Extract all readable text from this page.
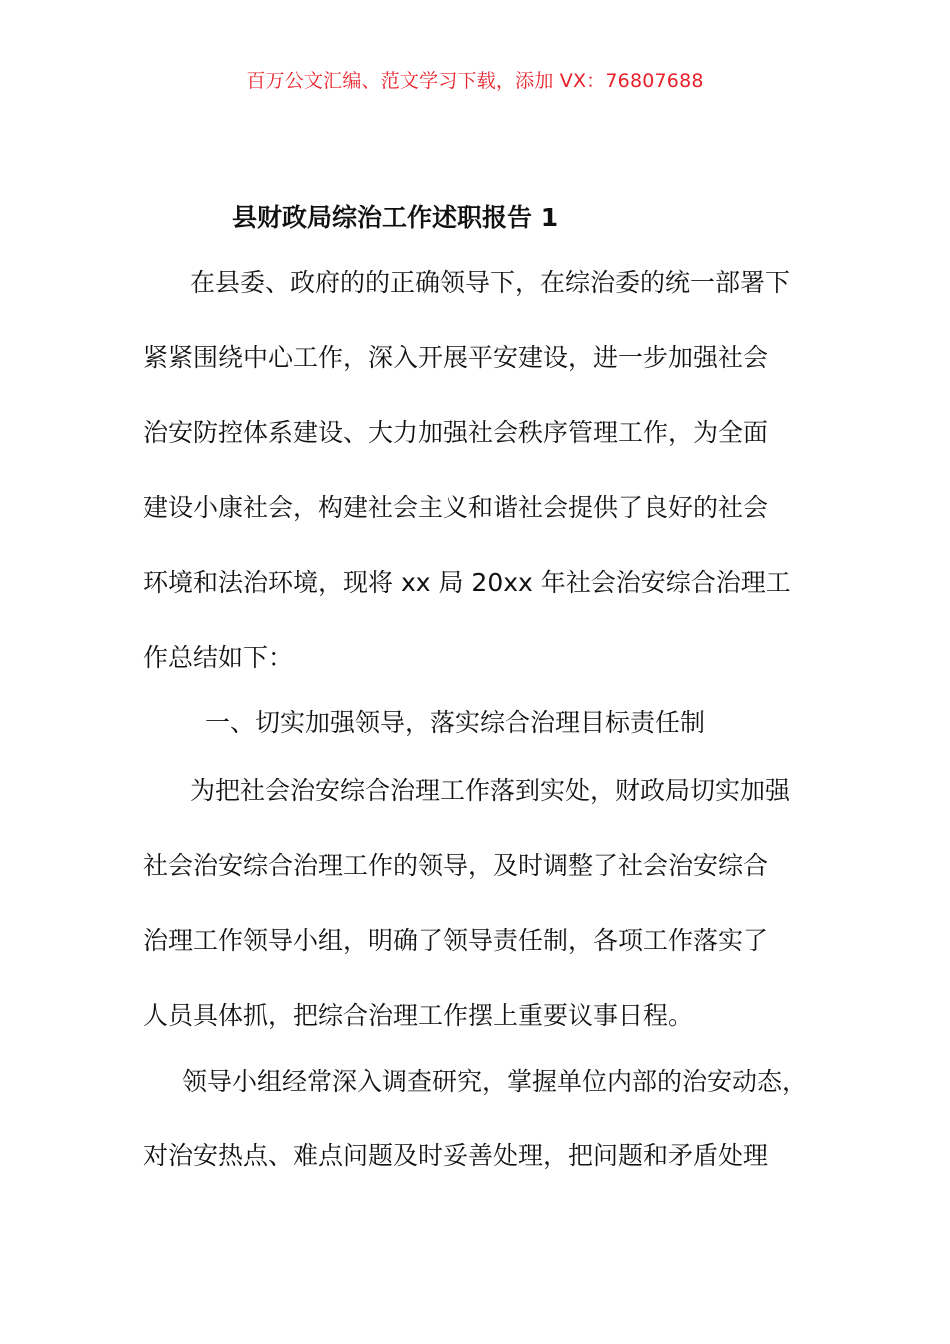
百万公文汇编、范文学习下载，添加 VX：76807688
县财政局综治工作述职报告 1
在县委、政府的的正确领导下，在综治委的统一部署下
紧紧围绕中心工作，深入开展平安建设，进一步加强社会
治安防控体系建设、大力加强社会秩序管理工作，为全面
建设小康社会，构建社会主义和谐社会提供了良好的社会
环境和法治环境，现将 xx 局 20xx 年社会治安综合治理工
作总结如下：
一、切实加强领导，落实综合治理目标责任制
为把社会治安综合治理工作落到实处，财政局切实加强
社会治安综合治理工作的领导，及时调整了社会治安综合
治理工作领导小组，明确了领导责任制，各项工作落实了
人员具体抓，把综合治理工作摆上重要议事日程。
领导小组经常深入调查研究，掌握单位内部的治安动态，
对治安热点、难点问题及时妥善处理，把问题和矛盾处理
